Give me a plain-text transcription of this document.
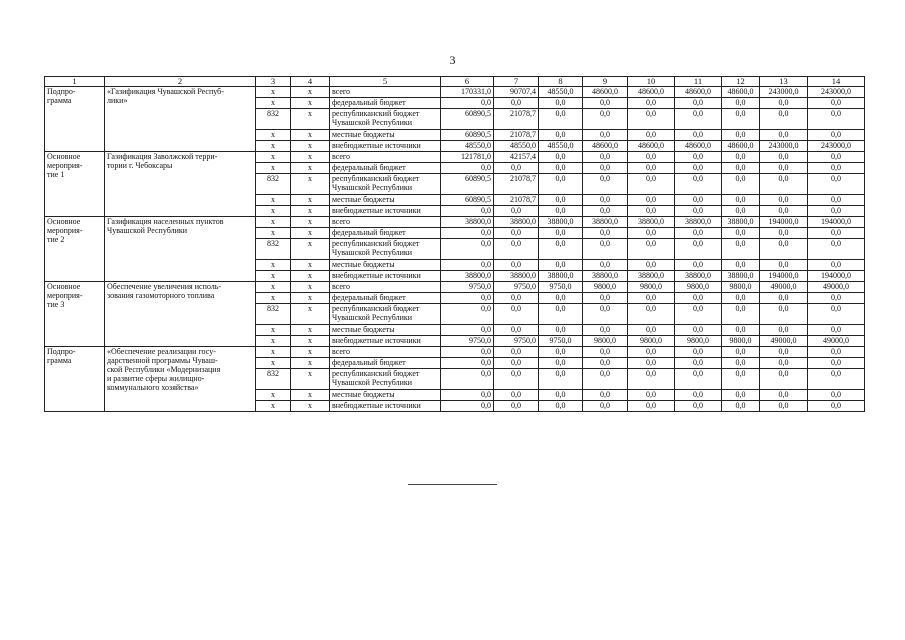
3
1	2	3	4	5	6	7	8	9	10	11	12	13	14
Подпро-
грамма	«Газификация Чувашской Респуб-
лики»	х	х	всего	170331,0	90707,4	48550,0	48600,0	48600,0	48600,0	48600,0	243000,0	243000,0
		х	х	федеральный бюджет	0,0	0,0	0,0	0,0	0,0	0,0	0,0	0,0	0,0
		832	х	республиканский бюджет
Чувашской Республики	60890,5	21078,7	0,0	0,0	0,0	0,0	0,0	0,0	0,0
		х	х	местные бюджеты	60890,5	21078,7	0,0	0,0	0,0	0,0	0,0	0,0	0,0
		х	х	внебюджетные источники	48550,0	48550,0	48550,0	48600,0	48600,0	48600,0	48600,0	243000,0	243000,0
Основное
мероприя-
тие 1	Газификация Заволжской терри-
тории г. Чебоксары	х	х	всего	121781,0	42157,4	0,0	0,0	0,0	0,0	0,0	0,0	0,0
		х	х	федеральный бюджет	0,0	0,0	0,0	0,0	0,0	0,0	0,0	0,0	0,0
		832	х	республиканский бюджет
Чувашской Республики	60890,5	21078,7	0,0	0,0	0,0	0,0	0,0	0,0	0,0
		х	х	местные бюджеты	60890,5	21078,7	0,0	0,0	0,0	0,0	0,0	0,0	0,0
		х	х	внебюджетные источники	0,0	0,0	0,0	0,0	0,0	0,0	0,0	0,0	0,0
Основное
мероприя-
тие 2	Газификация населенных пунктов
Чувашской Республики	х	х	всего	38800,0	38800,0	38800,0	38800,0	38800,0	38800,0	38800,0	194000,0	194000,0
		х	х	федеральный бюджет	0,0	0,0	0,0	0,0	0,0	0,0	0,0	0,0	0,0
		832	х	республиканский бюджет
Чувашской Республики	0,0	0,0	0,0	0,0	0,0	0,0	0,0	0,0	0,0
		х	х	местные бюджеты	0,0	0,0	0,0	0,0	0,0	0,0	0,0	0,0	0,0
		х	х	внебюджетные источники	38800,0	38800,0	38800,0	38800,0	38800,0	38800,0	38800,0	194000,0	194000,0
Основное
мероприя-
тие 3	Обеспечение увеличения исполь-
зования газомоторного топлива	х	х	всего	9750,0	9750,0	9750,0	9800,0	9800,0	9800,0	9800,0	49000,0	49000,0
		х	х	федеральный бюджет	0,0	0,0	0,0	0,0	0,0	0,0	0,0	0,0	0,0
		832	х	республиканский бюджет
Чувашской Республики	0,0	0,0	0,0	0,0	0,0	0,0	0,0	0,0	0,0
		х	х	местные бюджеты	0,0	0,0	0,0	0,0	0,0	0,0	0,0	0,0	0,0
		х	х	внебюджетные источники	9750,0	9750,0	9750,0	9800,0	9800,0	9800,0	9800,0	49000,0	49000,0
Подпро-
грамма	«Обеспечение реализации госу-
дарственной программы Чуваш-
ской Республики «Модернизация
и развитие сферы жилищно-
коммунального хозяйства»	х	х	всего	0,0	0,0	0,0	0,0	0,0	0,0	0,0	0,0	0,0
		х	х	федеральный бюджет	0,0	0,0	0,0	0,0	0,0	0,0	0,0	0,0	0,0
		832	х	республиканский бюджет
Чувашской Республики	0,0	0,0	0,0	0,0	0,0	0,0	0,0	0,0	0,0
		х	х	местные бюджеты	0,0	0,0	0,0	0,0	0,0	0,0	0,0	0,0	0,0
		х	х	внебюджетные источники	0,0	0,0	0,0	0,0	0,0	0,0	0,0	0,0	0,0
